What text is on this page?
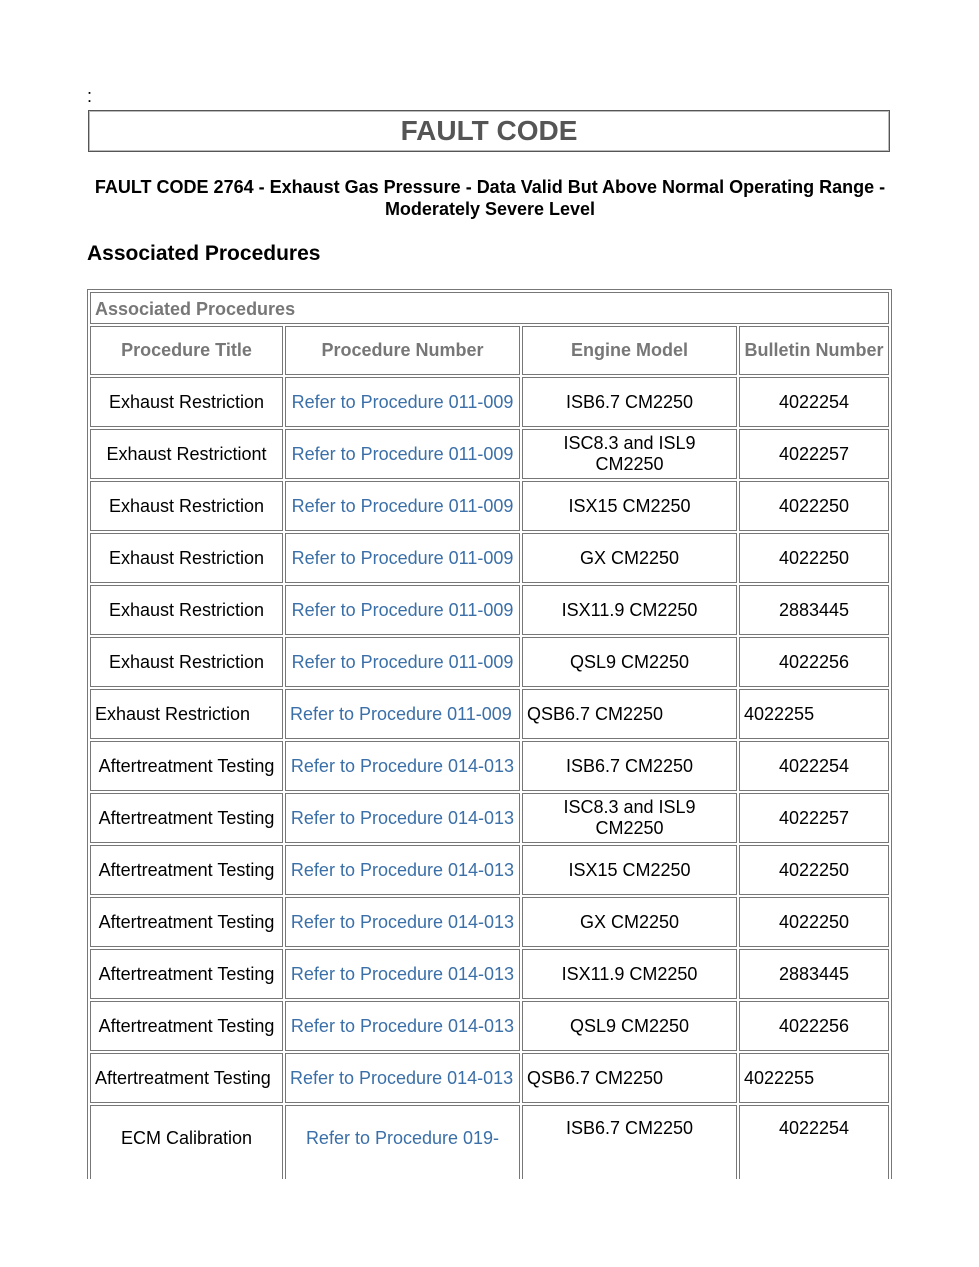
:
FAULT CODE
FAULT CODE 2764 - Exhaust Gas Pressure - Data Valid But Above Normal Operating Range - Moderately Severe Level
Associated Procedures
Associated Procedures			
Procedure Title	Procedure Number	Engine Model	Bulletin Number
Exhaust Restriction	Refer to Procedure 011-009	ISB6.7 CM2250	4022254
Exhaust Restrictiont	Refer to Procedure 011-009	ISC8.3 and ISL9 CM2250	4022257
Exhaust Restriction	Refer to Procedure 011-009	ISX15 CM2250	4022250
Exhaust Restriction	Refer to Procedure 011-009	GX CM2250	4022250
Exhaust Restriction	Refer to Procedure 011-009	ISX11.9 CM2250	2883445
Exhaust Restriction	Refer to Procedure 011-009	QSL9 CM2250	4022256
Exhaust Restriction	Refer to Procedure 011-009	QSB6.7 CM2250	4022255
Aftertreatment Testing	Refer to Procedure 014-013	ISB6.7 CM2250	4022254
Aftertreatment Testing	Refer to Procedure 014-013	ISC8.3 and ISL9 CM2250	4022257
Aftertreatment Testing	Refer to Procedure 014-013	ISX15 CM2250	4022250
Aftertreatment Testing	Refer to Procedure 014-013	GX CM2250	4022250
Aftertreatment Testing	Refer to Procedure 014-013	ISX11.9 CM2250	2883445
Aftertreatment Testing	Refer to Procedure 014-013	QSL9 CM2250	4022256
Aftertreatment Testing	Refer to Procedure 014-013	QSB6.7 CM2250	4022255
ECM Calibration	Refer to Procedure 019-	ISB6.7 CM2250	4022254
